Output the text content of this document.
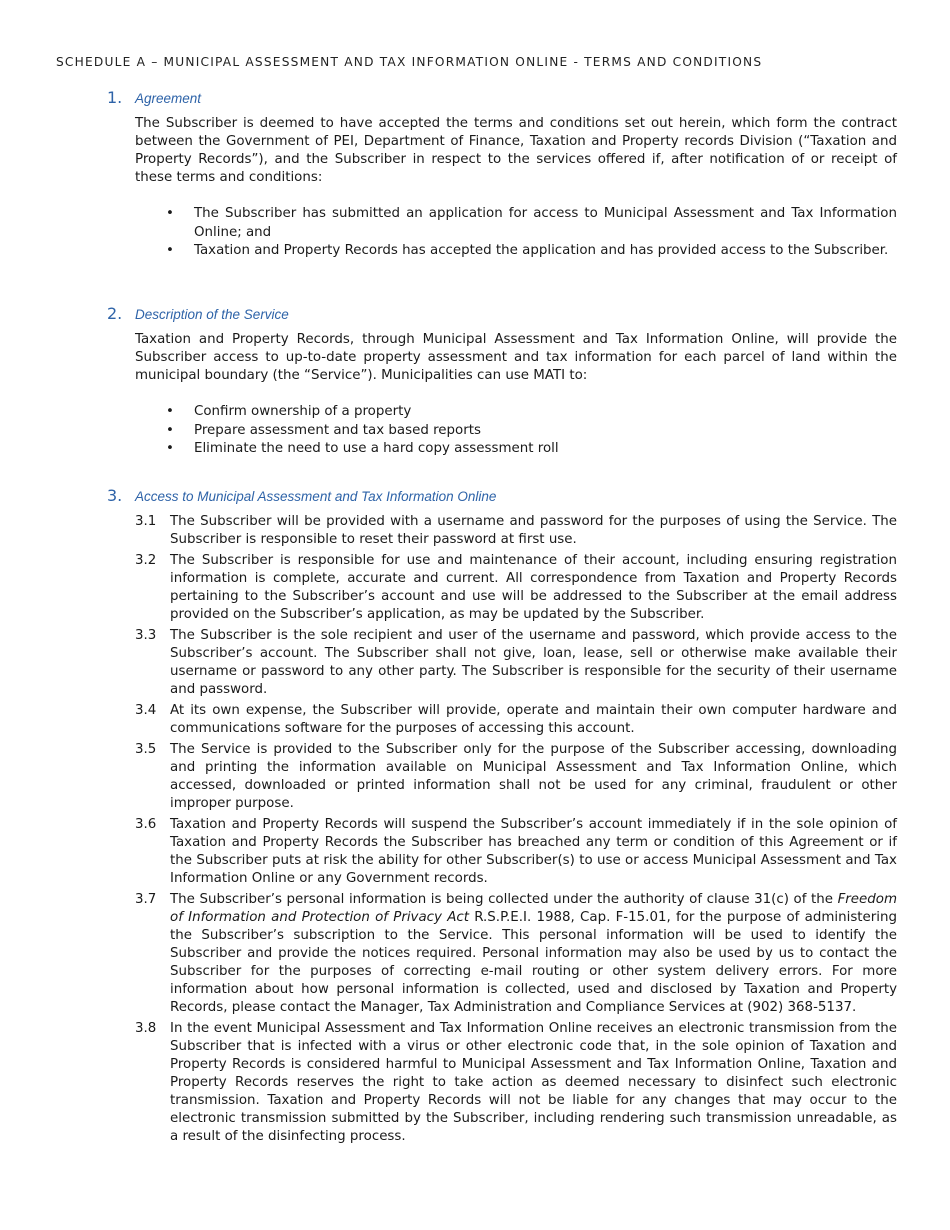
SCHEDULE A – MUNICIPAL ASSESSMENT AND TAX INFORMATION ONLINE - TERMS AND CONDITIONS
1. Agreement
The Subscriber is deemed to have accepted the terms and conditions set out herein, which form the contract between the Government of PEI, Department of Finance, Taxation and Property records Division (“Taxation and Property Records”), and the Subscriber in respect to the services offered if, after notification of or receipt of these terms and conditions:
• The Subscriber has submitted an application for access to Municipal Assessment and Tax Information Online; and
• Taxation and Property Records has accepted the application and has provided access to the Subscriber.
2. Description of the Service
Taxation and Property Records, through Municipal Assessment and Tax Information Online, will provide the Subscriber access to up-to-date property assessment and tax information for each parcel of land within the municipal boundary (the “Service”). Municipalities can use MATI to:
• Confirm ownership of a property
• Prepare assessment and tax based reports
• Eliminate the need to use a hard copy assessment roll
3. Access to Municipal Assessment and Tax Information Online
3.1	The Subscriber will be provided with a username and password for the purposes of using the Service. The Subscriber is responsible to reset their password at first use.
3.2	The Subscriber is responsible for use and maintenance of their account, including ensuring registration information is complete, accurate and current. All correspondence from Taxation and Property Records pertaining to the Subscriber’s account and use will be addressed to the Subscriber at the email address provided on the Subscriber’s application, as may be updated by the Subscriber.
3.3	The Subscriber is the sole recipient and user of the username and password, which provide access to the Subscriber’s account. The Subscriber shall not give, loan, lease, sell or otherwise make available their username or password to any other party. The Subscriber is responsible for the security of their username and password.
3.4	At its own expense, the Subscriber will provide, operate and maintain their own computer hardware and communications software for the purposes of accessing this account.
3.5	The Service is provided to the Subscriber only for the purpose of the Subscriber accessing, downloading and printing the information available on Municipal Assessment and Tax Information Online, which accessed, downloaded or printed information shall not be used for any criminal, fraudulent or other improper purpose.
3.6	Taxation and Property Records will suspend the Subscriber’s account immediately if in the sole opinion of Taxation and Property Records the Subscriber has breached any term or condition of this Agreement or if the Subscriber puts at risk the ability for other Subscriber(s) to use or access Municipal Assessment and Tax Information Online or any Government records.
3.7	The Subscriber’s personal information is being collected under the authority of clause 31(c) of the Freedom of Information and Protection of Privacy Act R.S.P.E.I. 1988, Cap. F-15.01, for the purpose of administering the Subscriber’s subscription to the Service. This personal information will be used to identify the Subscriber and provide the notices required. Personal information may also be used by us to contact the Subscriber for the purposes of correcting e-mail routing or other system delivery errors. For more information about how personal information is collected, used and disclosed by Taxation and Property Records, please contact the Manager, Tax Administration and Compliance Services at (902) 368-5137.
3.8	In the event Municipal Assessment and Tax Information Online receives an electronic transmission from the Subscriber that is infected with a virus or other electronic code that, in the sole opinion of Taxation and Property Records is considered harmful to Municipal Assessment and Tax Information Online, Taxation and Property Records reserves the right to take action as deemed necessary to disinfect such electronic transmission. Taxation and Property Records will not be liable for any changes that may occur to the electronic transmission submitted by the Subscriber, including rendering such transmission unreadable, as a result of the disinfecting process.
